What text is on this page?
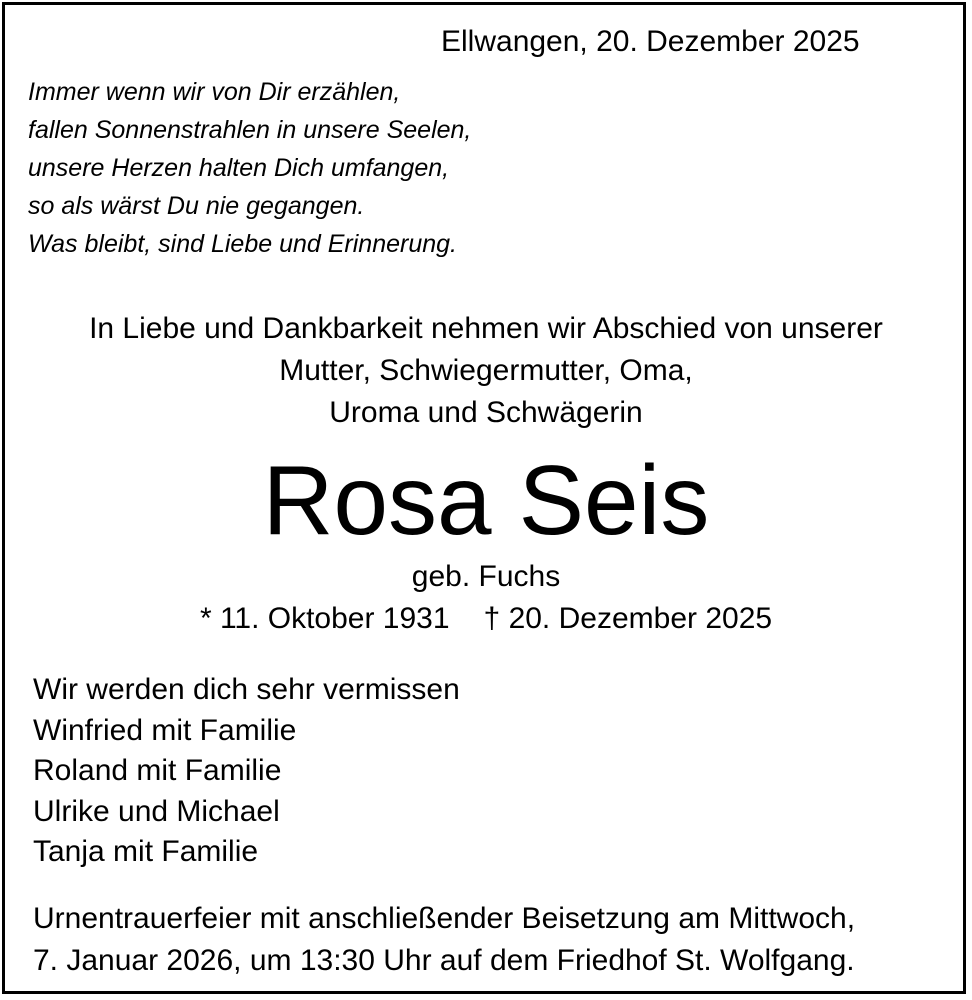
Ellwangen, 20. Dezember 2025
Immer wenn wir von Dir erzählen,
fallen Sonnenstrahlen in unsere Seelen,
unsere Herzen halten Dich umfangen,
so als wärst Du nie gegangen.
Was bleibt, sind Liebe und Erinnerung.
In Liebe und Dankbarkeit nehmen wir Abschied von unserer
Mutter, Schwiegermutter, Oma,
Uroma und Schwägerin
Rosa Seis
geb. Fuchs
* 11. Oktober 1931 † 20. Dezember 2025
Wir werden dich sehr vermissen
Winfried mit Familie
Roland mit Familie
Ulrike und Michael
Tanja mit Familie
Urnentrauerfeier mit anschließender Beisetzung am Mittwoch,
7. Januar 2026, um 13:30 Uhr auf dem Friedhof St. Wolfgang.
